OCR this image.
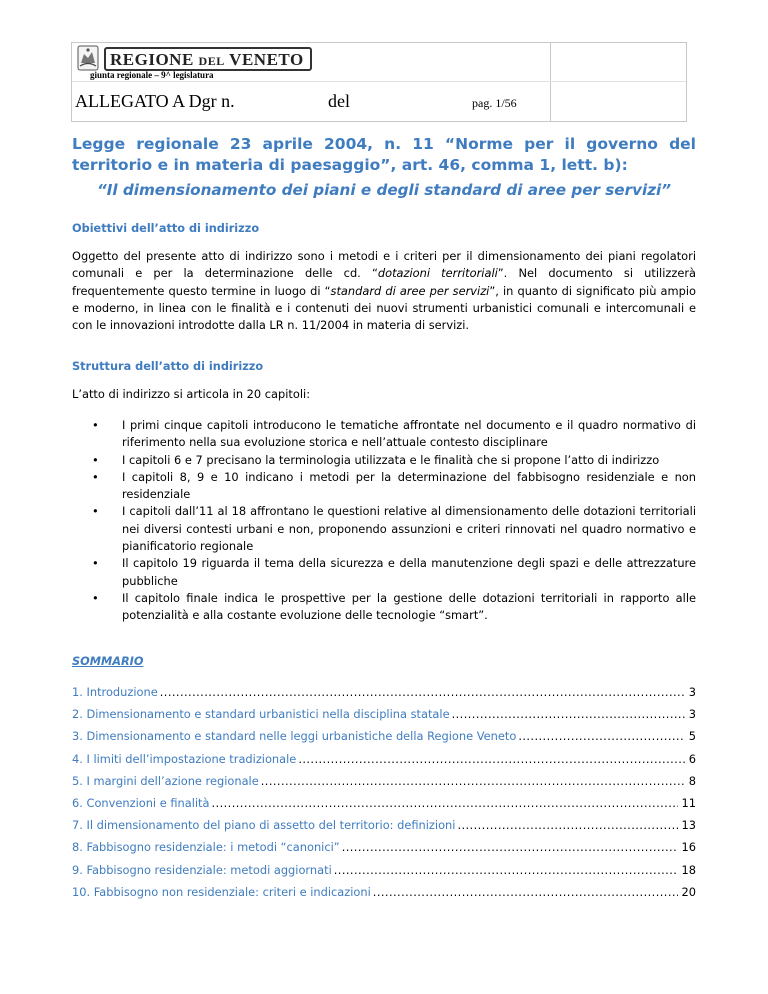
REGIONE DEL VENETO
giunta regionale – 9^ legislatura
ALLEGATO A Dgr n.	del	pag. 1/56
Legge regionale 23 aprile 2004, n. 11 “Norme per il governo del territorio e in materia di paesaggio”, art. 46, comma 1, lett. b):
“Il dimensionamento dei piani e degli standard di aree per servizi”
Obiettivi dell’atto di indirizzo
Oggetto del presente atto di indirizzo sono i metodi e i criteri per il dimensionamento dei piani regolatori comunali e per la determinazione delle cd. “dotazioni territoriali”. Nel documento si utilizzerà frequentemente questo termine in luogo di “standard di aree per servizi”, in quanto di significato più ampio e moderno, in linea con le finalità e i contenuti dei nuovi strumenti urbanistici comunali e intercomunali e con le innovazioni introdotte dalla LR n. 11/2004 in materia di servizi.
Struttura dell’atto di indirizzo
L’atto di indirizzo si articola in 20 capitoli:
• I primi cinque capitoli introducono le tematiche affrontate nel documento e il quadro normativo di riferimento nella sua evoluzione storica e nell’attuale contesto disciplinare
• I capitoli 6 e 7 precisano la terminologia utilizzata e le finalità che si propone l’atto di indirizzo
• I capitoli 8, 9 e 10 indicano i metodi per la determinazione del fabbisogno residenziale e non residenziale
• I capitoli dall’11 al 18 affrontano le questioni relative al dimensionamento delle dotazioni territoriali nei diversi contesti urbani e non, proponendo assunzioni e criteri rinnovati nel quadro normativo e pianificatorio regionale
• Il capitolo 19 riguarda il tema della sicurezza e della manutenzione degli spazi e delle attrezzature pubbliche
• Il capitolo finale indica le prospettive per la gestione delle dotazioni territoriali in rapporto alle potenzialità e alla costante evoluzione delle tecnologie “smart”.
SOMMARIO
1. Introduzione . . .	3
2. Dimensionamento e standard urbanistici nella disciplina statale . . .	3
3. Dimensionamento e standard nelle leggi urbanistiche della Regione Veneto . . .	5
4. I limiti dell’impostazione tradizionale . . .	6
5. I margini dell’azione regionale . . .	8
6. Convenzioni e finalità . . .	11
7. Il dimensionamento del piano di assetto del territorio: definizioni . . .	13
8. Fabbisogno residenziale: i metodi “canonici” . . .	16
9. Fabbisogno residenziale: metodi aggiornati . . .	18
10. Fabbisogno non residenziale: criteri e indicazioni . . .	20
